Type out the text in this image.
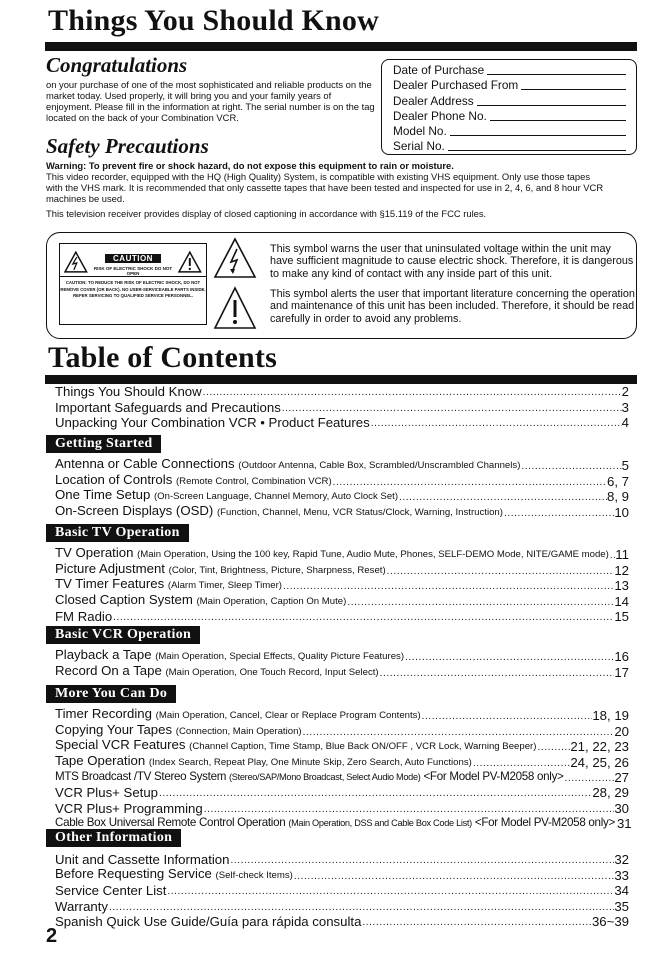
Things You Should Know
Congratulations
on your purchase of one of the most sophisticated and reliable products on the market today. Used properly, it will bring you and your family years of enjoyment. Please fill in the information at right. The serial number is on the tag located on the back of your Combination VCR.
Date of Purchase
Dealer Purchased From
Dealer Address
Dealer Phone No.
Model No.
Serial No.
Safety Precautions
Warning: To prevent fire or shock hazard, do not expose this equipment to rain or moisture.
This video recorder, equipped with the HQ (High Quality) System, is compatible with existing VHS equipment. Only use those tapes with the VHS mark. It is recommended that only cassette tapes that have been tested and inspected for use in 2, 4, 6, and 8 hour VCR machines be used.
This television receiver provides display of closed captioning in accordance with §15.119 of the FCC rules.
CAUTION
RISK OF ELECTRIC SHOCK DO NOT OPEN
CAUTION: TO REDUCE THE RISK OF ELECTRIC SHOCK, DO NOT REMOVE COVER (OR BACK). NO USER-SERVICEABLE PARTS INSIDE. REFER SERVICING TO QUALIFIED SERVICE PERSONNEL.
This symbol warns the user that uninsulated voltage within the unit may have sufficient magnitude to cause electric shock. Therefore, it is dangerous to make any kind of contact with any inside part of this unit.
This symbol alerts the user that important literature concerning the operation and maintenance of this unit has been included. Therefore, it should be read carefully in order to avoid any problems.
Table of Contents
Things You Should Know .....	2
Important Safeguards and Precautions .....	3
Unpacking Your Combination VCR • Product Features .....	4
Getting Started
Antenna or Cable Connections (Outdoor Antenna, Cable Box, Scrambled/Unscrambled Channels) .....	5
Location of Controls (Remote Control, Combination VCR) .....	6, 7
One Time Setup (On-Screen Language, Channel Memory, Auto Clock Set) .....	8, 9
On-Screen Displays (OSD) (Function, Channel, Menu, VCR Status/Clock, Warning, Instruction) .....	10
Basic TV Operation
TV Operation (Main Operation, Using the 100 key, Rapid Tune, Audio Mute, Phones, SELF-DEMO Mode, NITE/GAME mode) ..... 11
Picture Adjustment (Color, Tint, Brightness, Picture, Sharpness, Reset) .....	12
TV Timer Features (Alarm Timer, Sleep Timer) .....	13
Closed Caption System (Main Operation, Caption On Mute) .....	14
FM Radio .....	15
Basic VCR Operation
Playback a Tape (Main Operation, Special Effects, Quality Picture Features) .....	16
Record On a Tape (Main Operation, One Touch Record, Input Select) .....	17
More You Can Do
Timer Recording (Main Operation, Cancel, Clear or Replace Program Contents) .....	18, 19
Copying Your Tapes (Connection, Main Operation) .....	20
Special VCR Features (Channel Caption, Time Stamp, Blue Back ON/OFF , VCR Lock, Warning Beeper) .....	21, 22, 23
Tape Operation (Index Search, Repeat Play, One Minute Skip, Zero Search, Auto Functions) .....	24, 25, 26
MTS Broadcast /TV Stereo System (Stereo/SAP/Mono Broadcast, Select Audio Mode) <For Model PV-M2058 only> .....	27
VCR Plus+ Setup .....	28, 29
VCR Plus+ Programming .....	30
Cable Box Universal Remote Control Operation (Main Operation, DSS and Cable Box Code List) <For Model PV-M2058 only> ..... 31
Other Information
Unit and Cassette Information .....	32
Before Requesting Service (Self-check Items) .....	33
Service Center List .....	34
Warranty .....	35
Spanish Quick Use Guide/Guía para rápida consulta .....	36~39
2
